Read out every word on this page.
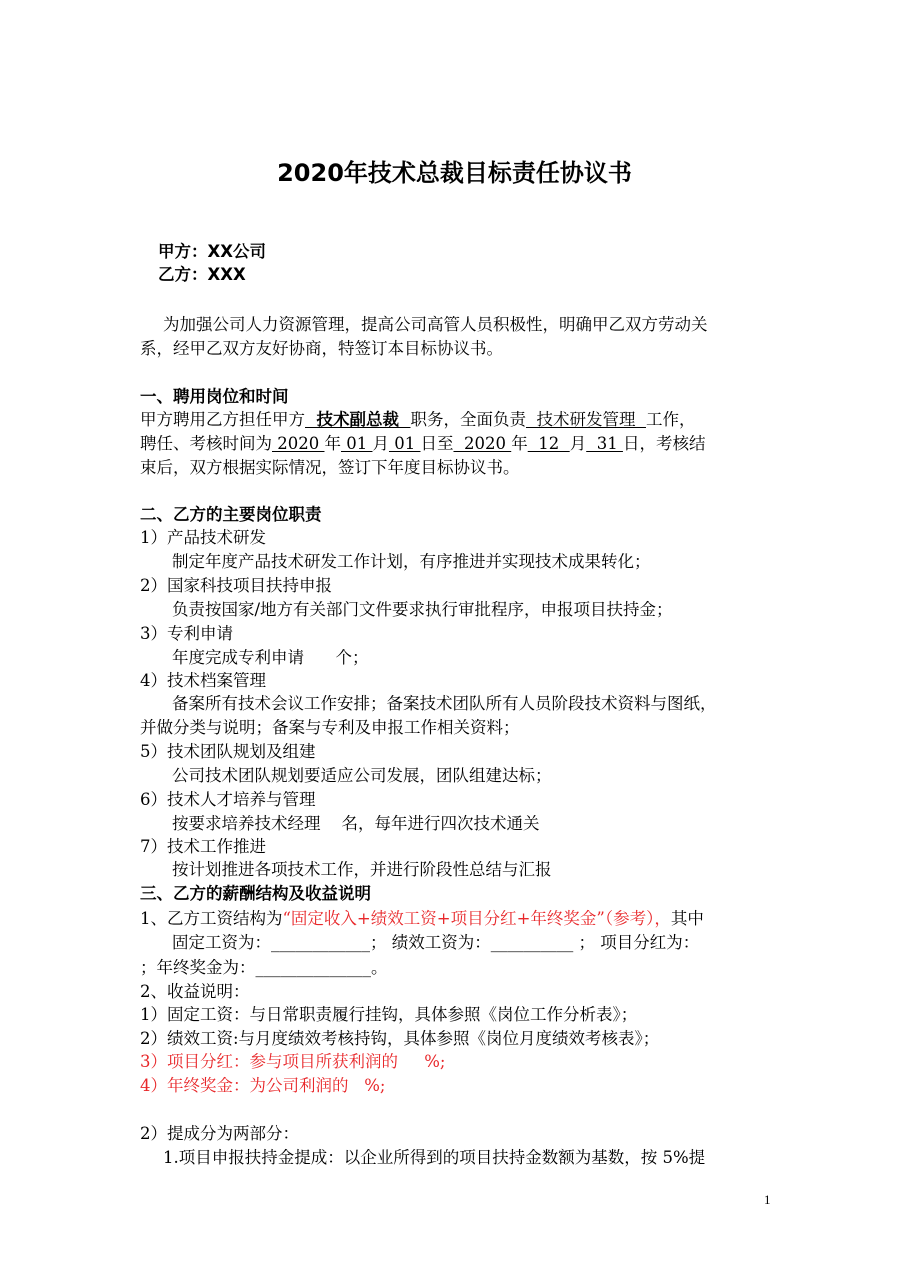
2020年技术总裁目标责任协议书
甲方：XX公司
乙方：XXX
为加强公司人力资源管理，提高公司高管人员积极性，明确甲乙双方劳动关
系，经甲乙双方友好协商，特签订本目标协议书。
一、聘用岗位和时间
甲方聘用乙方担任甲方  技术副总裁  职务，全面负责  技术研发管理  工作，
聘任、考核时间为 2020 年 01 月 01 日至  2020 年  12  月  31 日，考核结
束后，双方根据实际情况，签订下年度目标协议书。
二、乙方的主要岗位职责
1）产品技术研发
制定年度产品技术研发工作计划，有序推进并实现技术成果转化；
2）国家科技项目扶持申报
负责按国家/地方有关部门文件要求执行审批程序，申报项目扶持金；
3）专利申请
年度完成专利申请      个；
4）技术档案管理
备案所有技术会议工作安排；备案技术团队所有人员阶段技术资料与图纸，
并做分类与说明；备案与专利及申报工作相关资料；
5）技术团队规划及组建
公司技术团队规划要适应公司发展，团队组建达标；
6）技术人才培养与管理
按要求培养技术经理    名，每年进行四次技术通关
7）技术工作推进
按计划推进各项技术工作，并进行阶段性总结与汇报
三、乙方的薪酬结构及收益说明
1、乙方工资结构为“固定收入+绩效工资+项目分红+年终奖金”（参考），其中
固定工资为：____________； 绩效工资为：__________ ； 项目分红为：
；年终奖金为：______________。
2、收益说明：
1）固定工资：与日常职责履行挂钩，具体参照《岗位工作分析表》；
2）绩效工资:与月度绩效考核持钩，具体参照《岗位月度绩效考核表》；
3）项目分红：参与项目所获利润的     %;
4）年终奖金：为公司利润的   %;
2）提成分为两部分：
1.项目申报扶持金提成：以企业所得到的项目扶持金数额为基数，按 5%提
1
